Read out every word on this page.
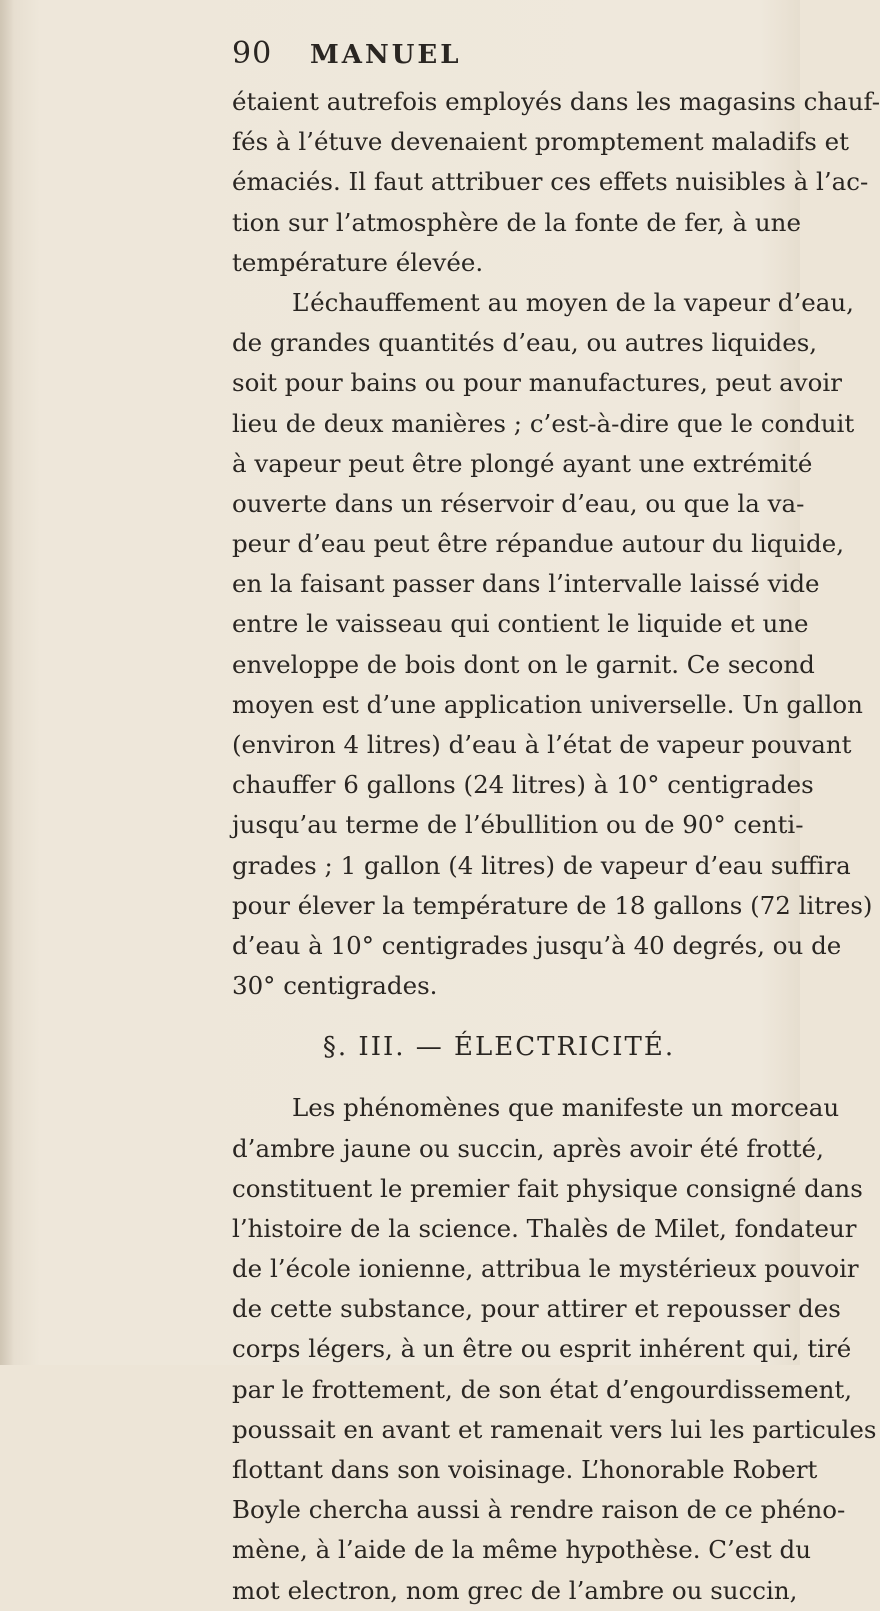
90 MANUEL
étaient autrefois employés dans les magasins chauf-
fés à l’étuve devenaient promptement maladifs et
émaciés. Il faut attribuer ces effets nuisibles à l’ac-
tion sur l’atmosphère de la fonte de fer, à une
température élevée.
L’échauffement au moyen de la vapeur d’eau,
de grandes quantités d’eau, ou autres liquides,
soit pour bains ou pour manufactures, peut avoir
lieu de deux manières ; c’est-à-dire que le conduit
à vapeur peut être plongé ayant une extrémité
ouverte dans un réservoir d’eau, ou que la va-
peur d’eau peut être répandue autour du liquide,
en la faisant passer dans l’intervalle laissé vide
entre le vaisseau qui contient le liquide et une
enveloppe de bois dont on le garnit. Ce second
moyen est d’une application universelle. Un gallon
(environ 4 litres) d’eau à l’état de vapeur pouvant
chauffer 6 gallons (24 litres) à 10° centigrades
jusqu’au terme de l’ébullition ou de 90° centi-
grades ; 1 gallon (4 litres) de vapeur d’eau suffira
pour élever la température de 18 gallons (72 litres)
d’eau à 10° centigrades jusqu’à 40 degrés, ou de
30° centigrades.
§. III. — ÉLECTRICITÉ.
Les phénomènes que manifeste un morceau
d’ambre jaune ou succin, après avoir été frotté,
constituent le premier fait physique consigné dans
l’histoire de la science. Thalès de Milet, fondateur
de l’école ionienne, attribua le mystérieux pouvoir
de cette substance, pour attirer et repousser des
corps légers, à un être ou esprit inhérent qui, tiré
par le frottement, de son état d’engourdissement,
poussait en avant et ramenait vers lui les particules
flottant dans son voisinage. L’honorable Robert
Boyle chercha aussi à rendre raison de ce phéno-
mène, à l’aide de la même hypothèse. C’est du
mot electron, nom grec de l’ambre ou succin,
